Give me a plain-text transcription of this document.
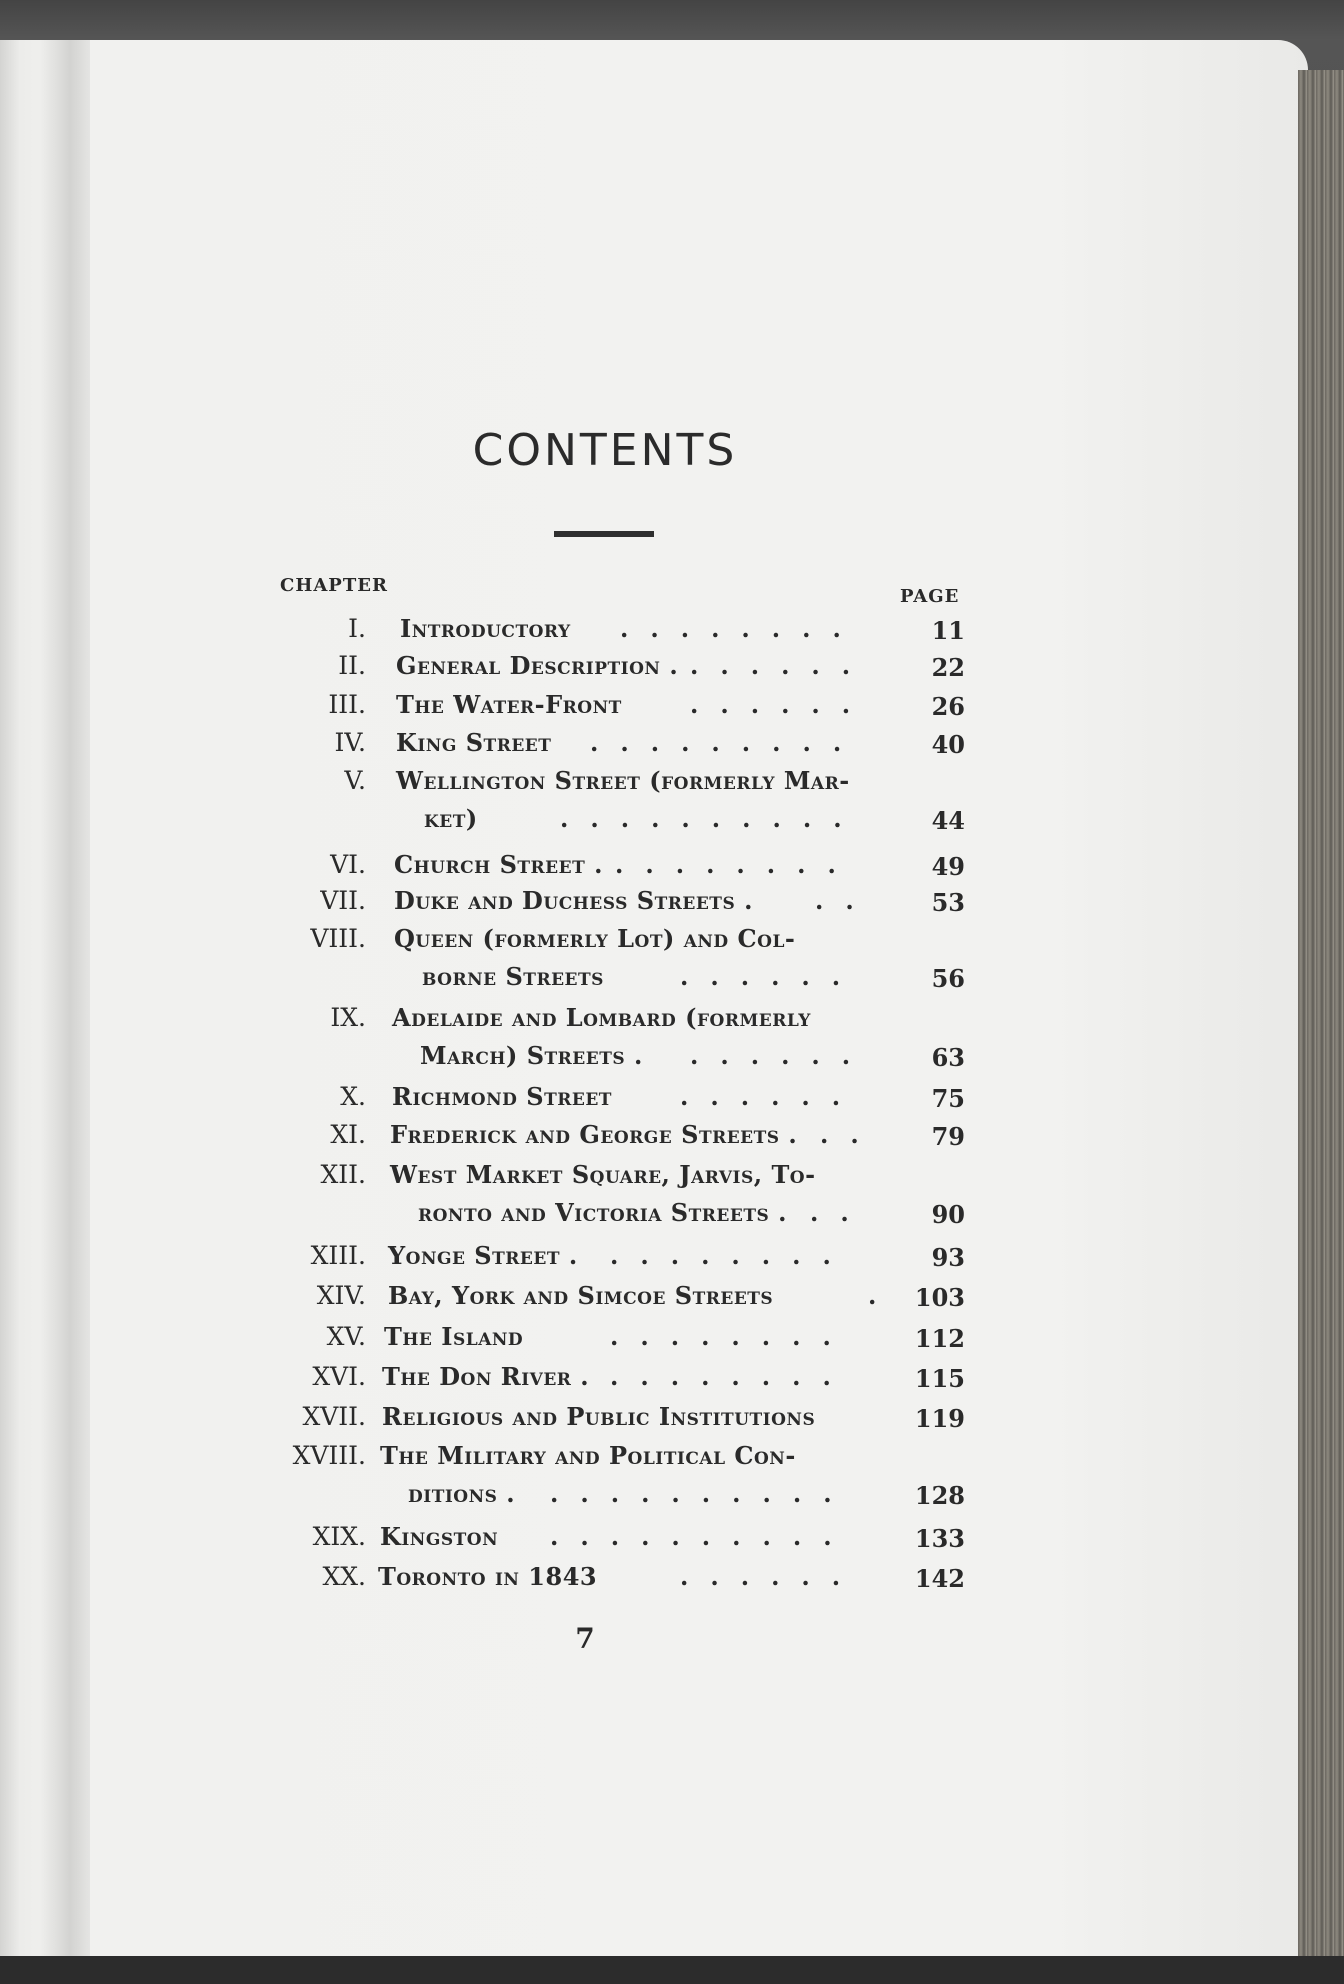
CONTENTS
CHAPTER
PAGE
I. Introductory ........	11
II. General Description . ......	22
III. The Water-Front	......	26
IV. King Street .........	40
V. Wellington Street (formerly Mar-
ket)	..........	44
VI. Church Street . ........	49
VII. Duke and Duchess Streets .	..	53
VIII. Queen (formerly Lot) and Col-
borne Streets	......	56
IX. Adelaide and Lombard (formerly
March) Streets . ......	63
X. Richmond Street	......	75
XI. Frederick and George Streets . ..	79
XII. West Market Square, Jarvis, To-
ronto and Victoria Streets . ..	90
XIII. Yonge Street . ........	93
XIV. Bay, York and Simcoe Streets	. 103
XV. The Island	........	112
XVI. The Don River . ........	115
XVII. Religious and Public Institutions	119
XVIII. The Military and Political Con-
ditions . ..........	128
XIX. Kingston ..........	133
XX. Toronto in 1843	......	142
7
